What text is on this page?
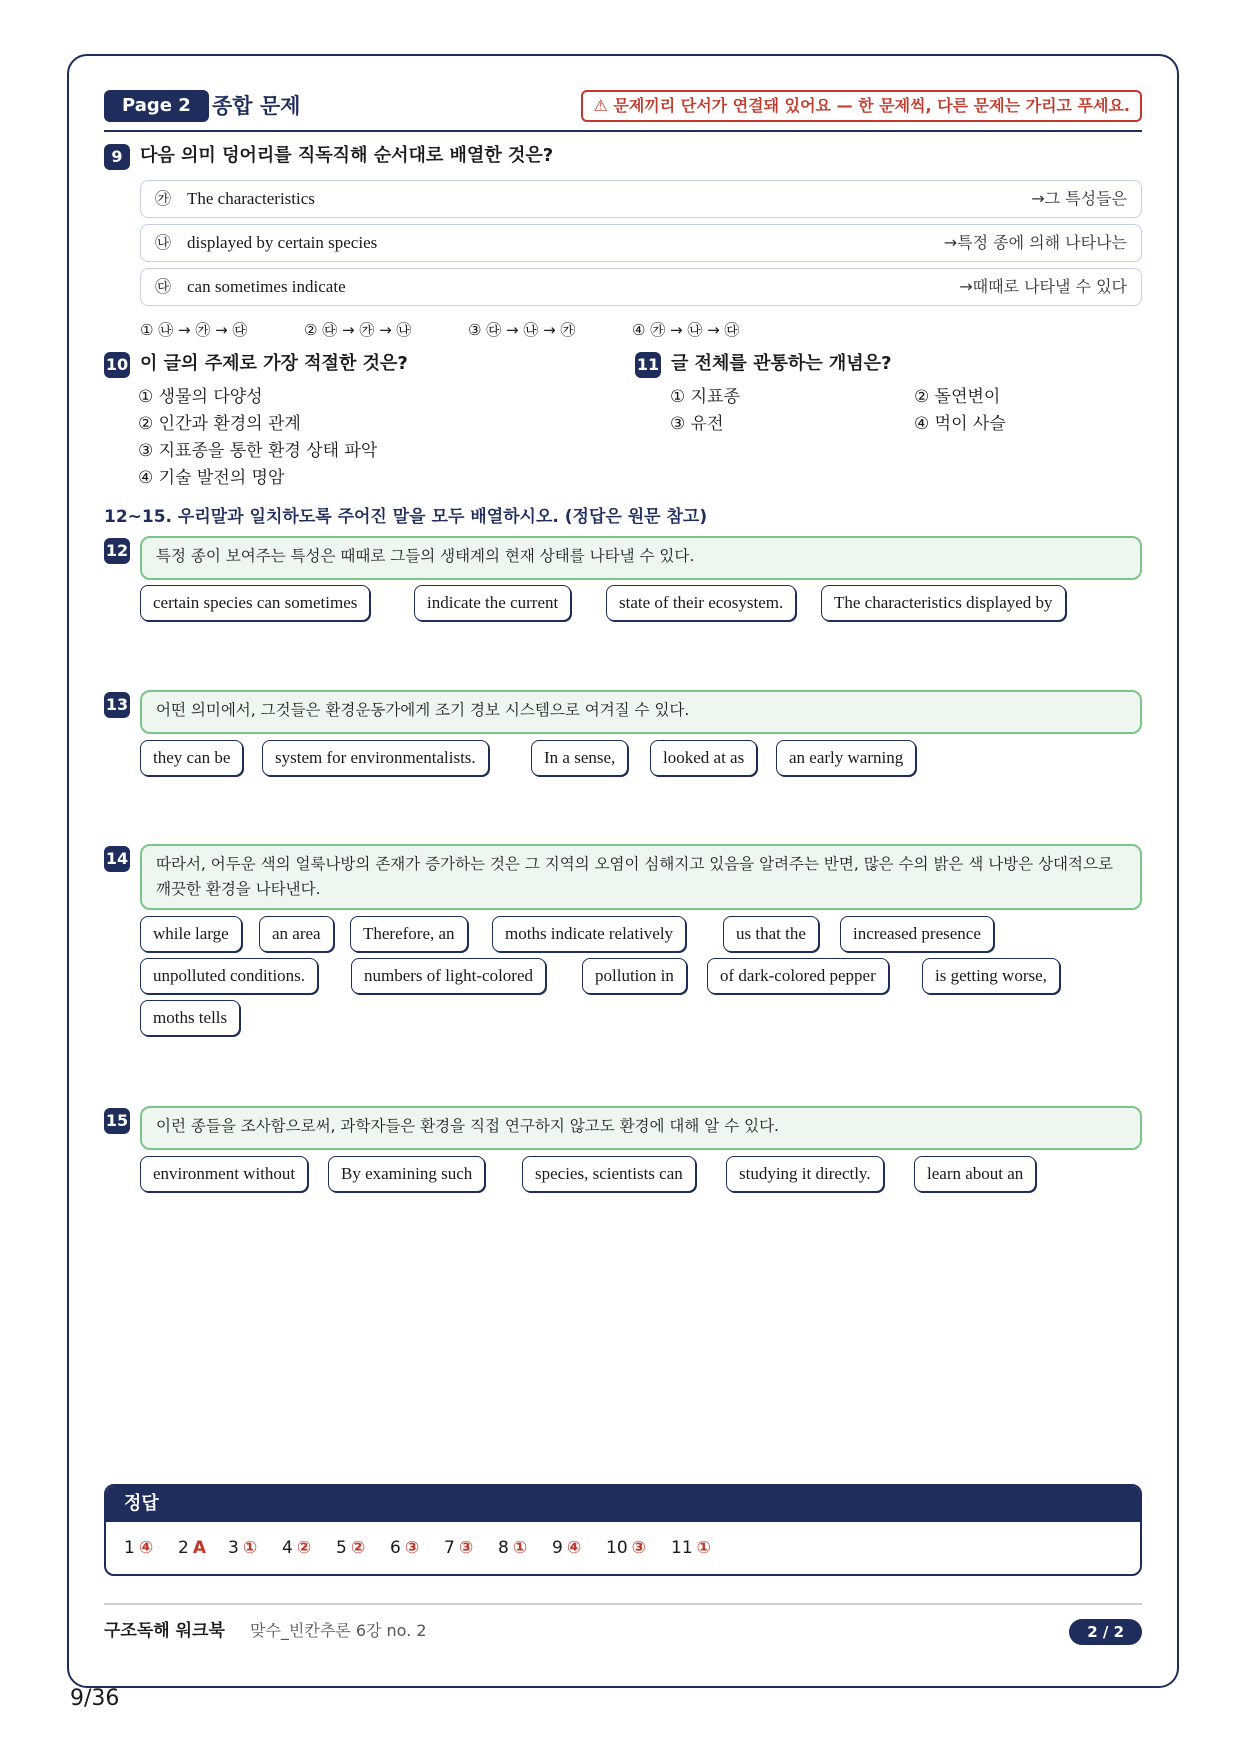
Page 2	종합 문제	⚠ 문제끼리 단서가 연결돼 있어요 — 한 문제씩, 다른 문제는 가리고 푸세요.
9 다음 의미 덩어리를 직독직해 순서대로 배열한 것은?
㉮ The characteristics	→그 특성들은
㉯ displayed by certain species	→특정 종에 의해 나타나는
㉰ can sometimes indicate	→때때로 나타낼 수 있다
① ㉯ → ㉮ → ㉰	② ㉰ → ㉮ → ㉯	③ ㉰ → ㉯ → ㉮	④ ㉮ → ㉯ → ㉰
10 이 글의 주제로 가장 적절한 것은?
① 생물의 다양성
② 인간과 환경의 관계
③ 지표종을 통한 환경 상태 파악
④ 기술 발전의 명암
11 글 전체를 관통하는 개념은?
① 지표종	② 돌연변이
③ 유전	④ 먹이 사슬
12~15. 우리말과 일치하도록 주어진 말을 모두 배열하시오. (정답은 원문 참고)
12	특정 종이 보여주는 특성은 때때로 그들의 생태계의 현재 상태를 나타낼 수 있다.
certain species can sometimes	indicate the current	state of their ecosystem.	The characteristics displayed by
13	어떤 의미에서, 그것들은 환경운동가에게 조기 경보 시스템으로 여겨질 수 있다.
they can be	system for environmentalists.	In a sense,	looked at as	an early warning
14	따라서, 어두운 색의 얼룩나방의 존재가 증가하는 것은 그 지역의 오염이 심해지고 있음을 알려주는 반면, 많은 수의 밝은 색 나방은 상대적으로 깨끗한 환경을 나타낸다.
while large	an area	Therefore, an	moths indicate relatively	us that the	increased presence
unpolluted conditions.	numbers of light-colored	pollution in	of dark-colored pepper	is getting worse,
moths tells
15	이런 종들을 조사함으로써, 과학자들은 환경을 직접 연구하지 않고도 환경에 대해 알 수 있다.
environment without	By examining such	species, scientists can	studying it directly.	learn about an
정답
1 ④ 2 A 3 ① 4 ② 5 ② 6 ③ 7 ③ 8 ① 9 ④ 10 ③ 11 ①
구조독해 워크북 맞수_빈칸추론 6강 no. 2	2 / 2
9/36
